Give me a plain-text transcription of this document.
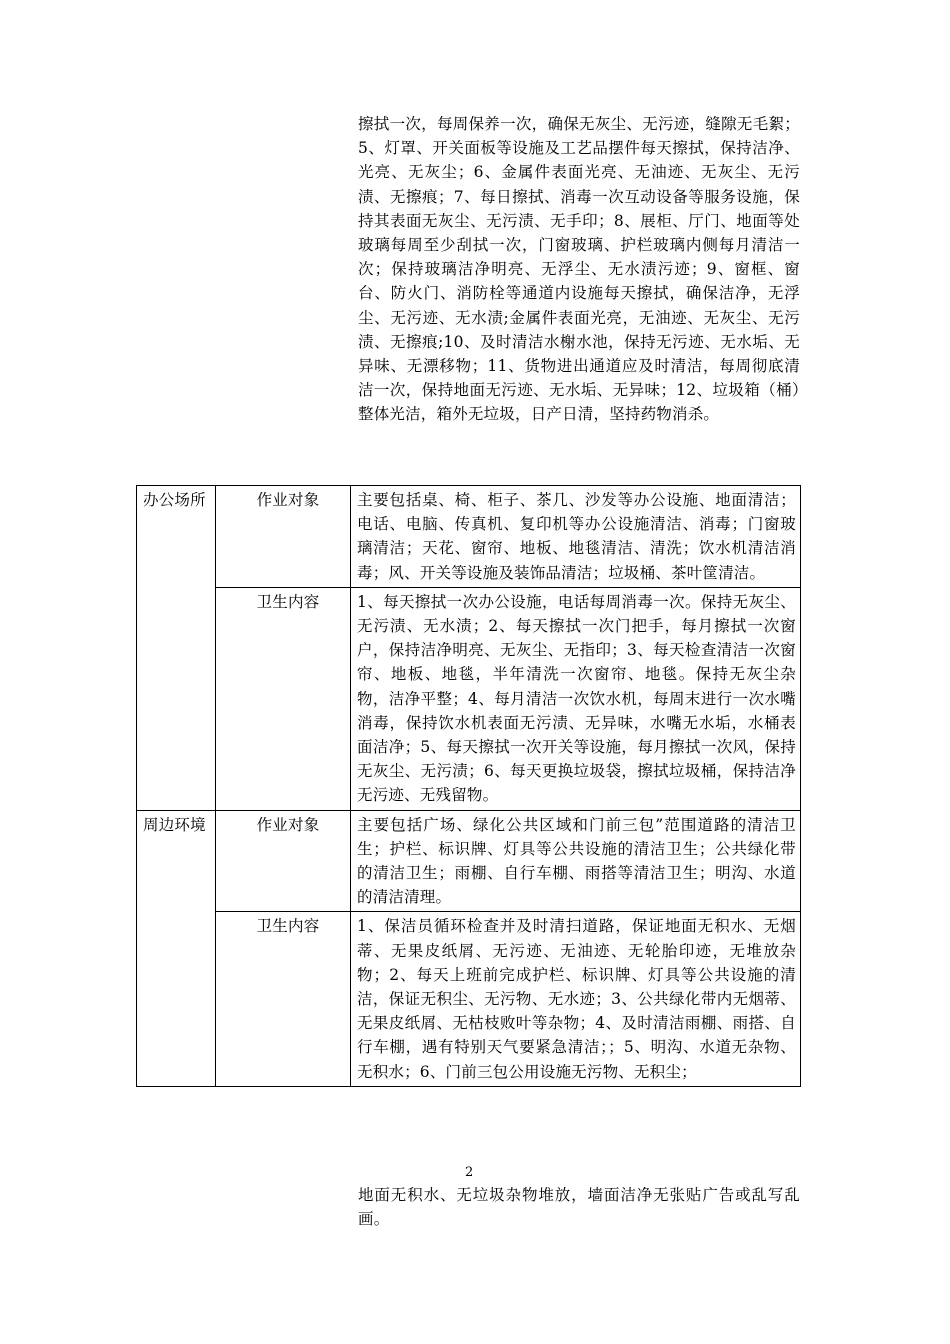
擦拭一次，每周保养一次，确保无灰尘、无污迹，缝隙无毛絮；5、灯罩、开关面板等设施及工艺品摆件每天擦拭，保持洁净、光亮、无灰尘；6、金属件表面光亮、无油迹、无灰尘、无污渍、无擦痕；7、每日擦拭、消毒一次互动设备等服务设施，保持其表面无灰尘、无污渍、无手印；8、展柜、厅门、地面等处玻璃每周至少刮拭一次，门窗玻璃、护栏玻璃内侧每月清洁一次；保持玻璃洁净明亮、无浮尘、无水渍污迹；9、窗框、窗台、防火门、消防栓等通道内设施每天擦拭，确保洁净，无浮尘、无污迹、无水渍;金属件表面光亮，无油迹、无灰尘、无污渍、无擦痕;10、及时清洁水榭水池，保持无污迹、无水垢、无异味、无漂移物；11、货物进出通道应及时清洁，每周彻底清洁一次，保持地面无污迹、无水垢、无异味；12、垃圾箱（桶）整体光洁，箱外无垃圾，日产日清，坚持药物消杀。

办公场所	作业对象	主要包括桌、椅、柜子、茶几、沙发等办公设施、地面清洁；电话、电脑、传真机、复印机等办公设施清洁、消毒；门窗玻璃清洁；天花、窗帘、地板、地毯清洁、清洗；饮水机清洁消毒；风、开关等设施及装饰品清洁；垃圾桶、茶叶筐清洁。
	卫生内容	1、每天擦拭一次办公设施，电话每周消毒一次。保持无灰尘、无污渍、无水渍；2、每天擦拭一次门把手，每月擦拭一次窗户，保持洁净明亮、无灰尘、无指印；3、每天检查清洁一次窗帘、地板、地毯，半年清洗一次窗帘、地毯。保持无灰尘杂物，洁净平整；4、每月清洁一次饮水机，每周末进行一次水嘴消毒，保持饮水机表面无污渍、无异味，水嘴无水垢，水桶表面洁净；5、每天擦拭一次开关等设施，每月擦拭一次风，保持无灰尘、无污渍；6、每天更换垃圾袋，擦拭垃圾桶，保持洁净无污迹、无残留物。
周边环境	作业对象	主要包括广场、绿化公共区域和门前三包”范围道路的清洁卫生；护栏、标识牌、灯具等公共设施的清洁卫生；公共绿化带的清洁卫生；雨棚、自行车棚、雨搭等清洁卫生；明沟、水道的清洁清理。
	卫生内容	1、保洁员循环检查并及时清扫道路，保证地面无积水、无烟蒂、无果皮纸屑、无污迹、无油迹、无轮胎印迹，无堆放杂物；2、每天上班前完成护栏、标识牌、灯具等公共设施的清洁，保证无积尘、无污物、无水迹；3、公共绿化带内无烟蒂、无果皮纸屑、无枯枝败叶等杂物；4、及时清洁雨棚、雨搭、自行车棚，遇有特别天气要紧急清洁；；5、明沟、水道无杂物、无积水；6、门前三包公用设施无污物、无积尘；
2

地面无积水、无垃圾杂物堆放，墙面洁净无张贴广告或乱写乱画。
